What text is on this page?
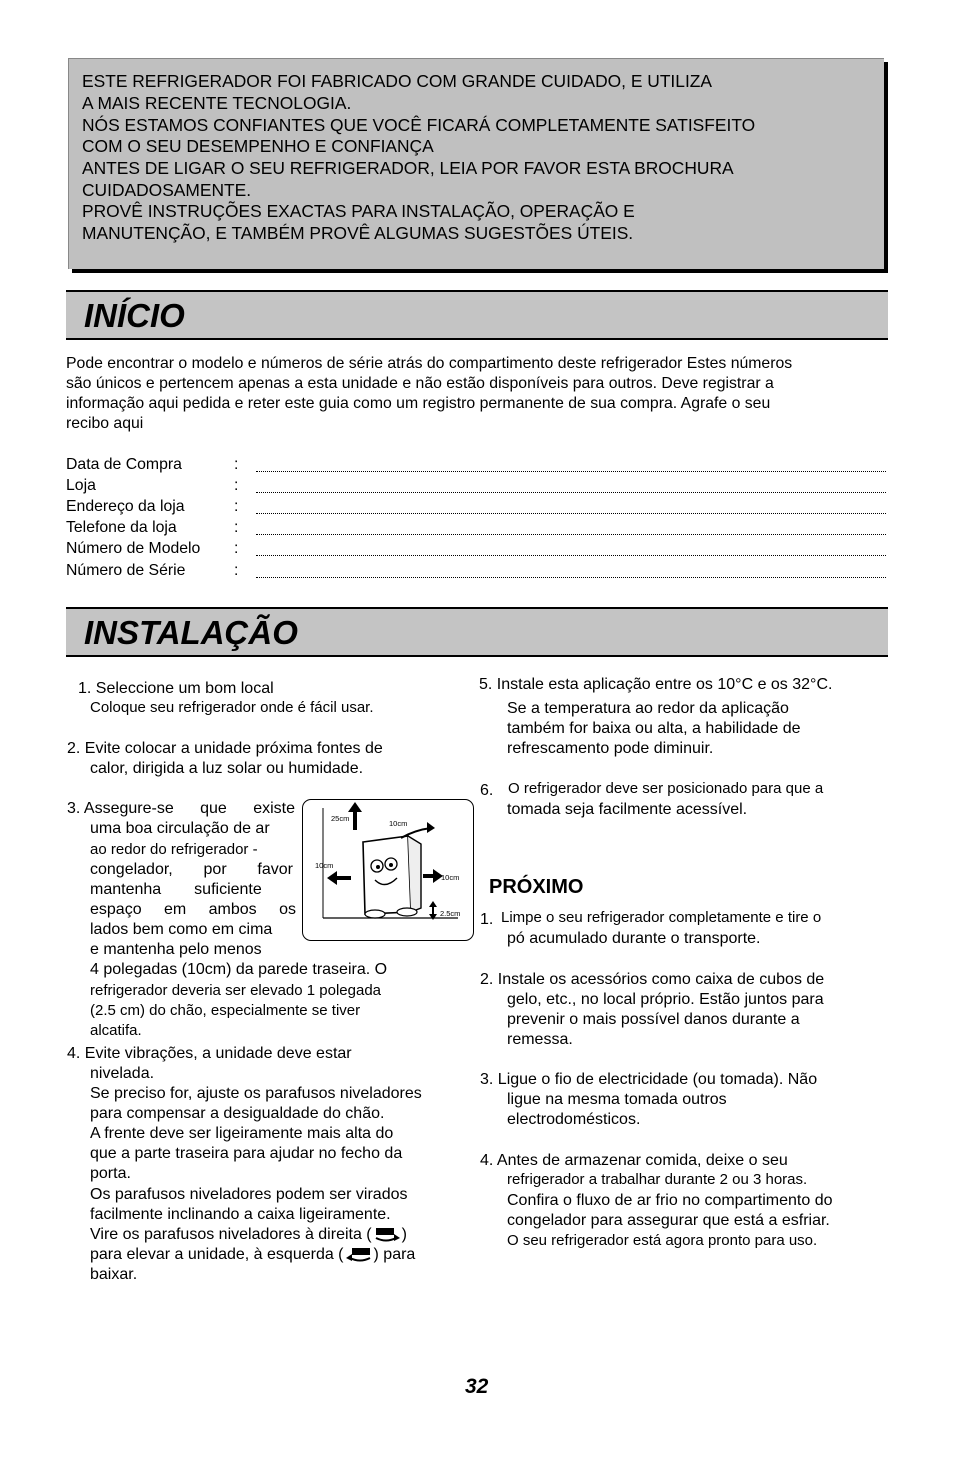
ESTE REFRIGERADOR FOI FABRICADO COM GRANDE CUIDADO, E UTILIZA
A MAIS RECENTE TECNOLOGIA.
NÓS ESTAMOS CONFIANTES QUE VOCÊ FICARÁ COMPLETAMENTE SATISFEITO
COM O SEU DESEMPENHO E CONFIANÇA
ANTES DE LIGAR O SEU REFRIGERADOR, LEIA POR FAVOR ESTA BROCHURA
CUIDADOSAMENTE.
PROVÊ INSTRUÇÕES EXACTAS PARA INSTALAÇÃO, OPERAÇÃO E
MANUTENÇÃO, E TAMBÉM PROVÊ ALGUMAS SUGESTÕES ÚTEIS.
INÍCIO
Pode encontrar o modelo e números de série atrás do compartimento deste refrigerador Estes números
são únicos e pertencem apenas a esta unidade e não estão disponíveis para outros. Deve registrar a
informação aqui pedida e reter este guia como um registro permanente de sua compra. Agrafe o seu
recibo aqui
Data de Compra	:
Loja	:
Endereço da loja	:
Telefone da loja	:
Número de Modelo :
Número de Série	:
INSTALAÇÃO
1. Seleccione um bom local
Coloque seu refrigerador onde é fácil usar.
2. Evite colocar a unidade próxima fontes de
calor, dirigida a luz solar ou humidade.
3. Assegure-se que existe
uma boa circulação de ar
ao redor do refrigerador -
congelador, por favor
mantenha suficiente
espaço em ambos os
lados bem como em cima
e mantenha pelo menos
4 polegadas (10cm) da parede traseira. O
refrigerador deveria ser elevado 1 polegada
(2.5 cm) do chão, especialmente se tiver
alcatifa.
25cm
10cm
10cm
10cm
2.5cm
4. Evite vibrações, a unidade deve estar
nivelada.
Se preciso for, ajuste os parafusos niveladores
para compensar a desigualdade do chão.
A frente deve ser ligeiramente mais alta do
que a parte traseira para ajudar no fecho da
porta.
Os parafusos niveladores podem ser virados
facilmente inclinando a caixa ligeiramente.
Vire os parafusos niveladores à direita ( )
para elevar a unidade, à esquerda ( ) para
baixar.
5. Instale esta aplicação entre os 10°C e os 32°C.
Se a temperatura ao redor da aplicação
também for baixa ou alta, a habilidade de
refrescamento pode diminuir.
6. O refrigerador deve ser posicionado para que a
tomada seja facilmente acessível.
PRÓXIMO
1. Limpe o seu refrigerador completamente e tire o
pó acumulado durante o transporte.
2. Instale os acessórios como caixa de cubos de
gelo, etc., no local próprio. Estão juntos para
prevenir o mais possível danos durante a
remessa.
3. Ligue o fio de electricidade (ou tomada). Não
ligue na mesma tomada outros
electrodomésticos.
4. Antes de armazenar comida, deixe o seu
refrigerador a trabalhar durante 2 ou 3 horas.
Confira o fluxo de ar frio no compartimento do
congelador para assegurar que está a esfriar.
O seu refrigerador está agora pronto para uso.
32
